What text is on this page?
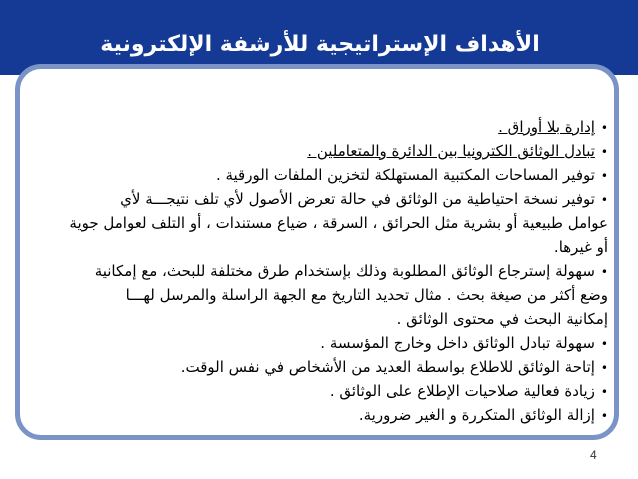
الأهداف الإستراتيجية للأرشفة الإلكترونية
•إدارة بلا أوراق .
•تبادل الوثائق الكترونيا بين الدائرة والمتعاملين .
•توفير المساحات المكتبية المستهلكة لتخزين الملفات الورقية .
•توفير نسخة احتياطية من الوثائق في حالة تعرض الأصول لأي تلف نتيجـــة لأي
عوامل طبيعية أو بشرية مثل الحرائق ، السرقة ، ضياع مستندات ، أو التلف لعوامل جوية
أو غيرها.
•سهولة إسترجاع الوثائق المطلوبة وذلك بإستخدام طرق مختلفة للبحث، مع إمكانية
وضع أكثر من صيغة بحث . مثال تحديد التاريخ مع الجهة الراسلة والمرسل لهـــا
إمكانية البحث في محتوى الوثائق .
•سهولة تبادل الوثائق داخل وخارج المؤسسة .
•إتاحة الوثائق للاطلاع بواسطة العديد من الأشخاص في نفس الوقت.
•زيادة فعالية صلاحيات الإطلاع على الوثائق .
•إزالة الوثائق المتكررة و الغير ضرورية.
4
